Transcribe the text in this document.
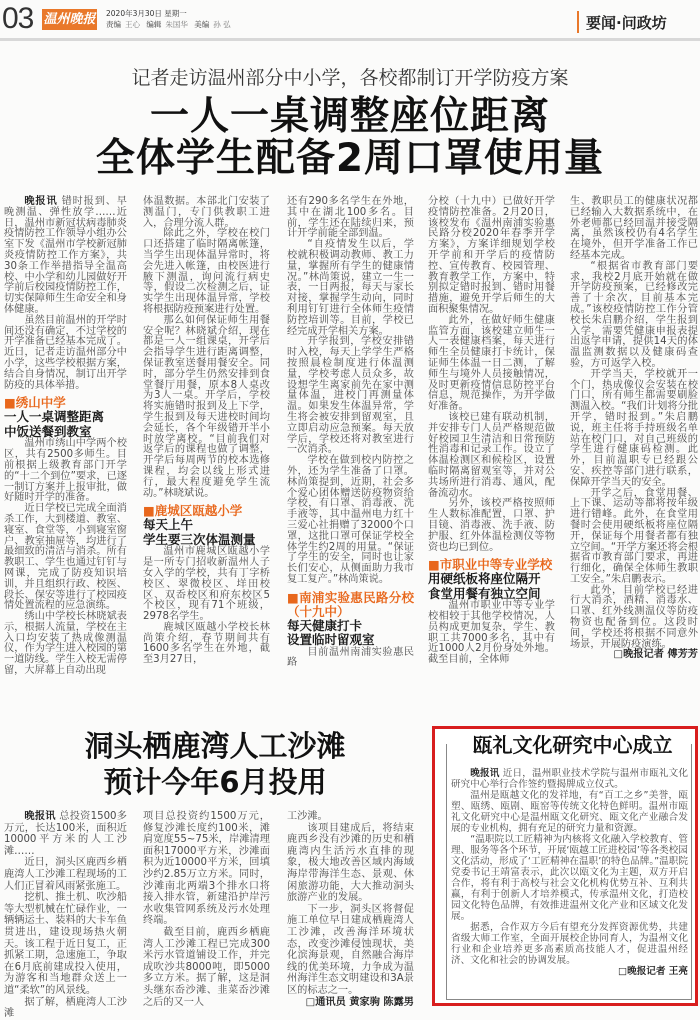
03 温州晚报 2020年3月30日 星期一
责编 王心 编辑 朱国华 美编 孙 弘	要闻·问政坊
记者走访温州部分中小学，各校都制订开学防疫方案
一人一桌调整座位距离
全体学生配备2周口罩使用量

晚报讯 错时报到、早晚测温、弹性放学……近日，温州市新冠状病毒肺炎疫情防控工作领导小组办公室下发《温州市学校新冠肺炎疫情防控工作方案》，共30条工作举措指导全温高校、中小学和幼儿园做好开学前后校园疫情防控工作，切实保障师生生命安全和身体健康。

虽然目前温州的开学时间还没有确定，不过学校的开学准备已经基本完成了。近日，记者走访温州部分中小学，这些学校根据方案，结合自身情况，制订出开学防疫的具体举措。

■绣山中学
一人一桌调整距离
中饭送餐到教室

温州市绣山中学两个校区，共有2500多师生。目前根据上级教育部门开学的“十二个到位”要求，已逐一制订方案并上报审批，做好随时开学的准备。

近日学校已完成全面消杀工作，大到楼道、教室、寝室、食堂等，小到寝室窗户、教室抽屉等，均进行了最细致的清洁与消杀。所有教职工、学生也通过钉钉与网课，完成了防疫知识培训，并且组织行政、校医、段长、保安等进行了校园疫情处置流程的应急演练。

绣山中学校长林晓斌表示，根据人流量，学校在主入口均安装了热成像测温仪，作为学生进入校园的第一道防线。学生入校无需停留，大屏幕上自动出现

体温数据。本部北门安装了测温门，专门供教职工进入，合理分流人群。

除此之外，学校在校门口还搭建了临时隔离帐篷，当学生出现体温异常时，将会先进入帐篷，由校医进行腋下测温，询问流行病史等，假设二次检测之后，证实学生出现体温异常，学校将根据防疫预案进行处置。

那么如何保证师生用餐安全呢？林晓斌介绍，现在都是一人一组课桌，开学后会指导学生进行距离调整，保证教室送餐用餐安全。同时，部分学生仍然安排到食堂餐厅用餐，原本8人桌改为3人一桌。开学后，学校将实施错时报到及上下学，学生报到及每天进校时间均会延长，各个年级错开半小时放学离校。“目前我们对返学后的课程也做了调整，开学后每周两节的校本选修课程，均会以线上形式进行，最大程度避免学生流动。”林晓斌说。

■鹿城区瓯越小学
每天上午
学生要三次体温测量

温州市鹿城区瓯越小学是一所专门招收新温州人子女入学的学校，共有丁字桥校区、翠微校区、垟田校区、双岙校区和府东校区5个校区，现有71个班级，2978名学生。

鹿城区瓯越小学校长林尚策介绍，春节期间共有1600多名学生在外地，截至3月27日，

还有290多名学生在外地，其中在湖北100多名。目前，学生还在陆续归来，预计开学前能全部到温。

“自疫情发生以后，学校就积极调动教师、教工力量，掌握所有学生的健康情况。”林尚策说，建立一生一表，一日两报，每天与家长对接，掌握学生动向，同时利用钉钉进行全体师生疫情防控培训等。目前，学校已经完成开学相关方案。

开学报到，学校安排错时入校，每天上学学生严格按照晨检制度进行体温测量，学校考虑人员众多，故设想学生离家前先在家中测量体温，进校门再测量体温。如果发生体温异常，学生将会被安排到留观室，且立即启动应急预案。每天放学后，学校还将对教室进行一次消杀。

学校在做到校内防控之外，还为学生准备了口罩。林尚策提到，近期，社会多个爱心团体赠送防疫物资给学校，有口罩、消毒液、洗手液等，其中温州电力红十三爱心社捐赠了32000个口罩，这批口罩可保证学校全体学生约2周的用量。“保证了学生的安全，同时也让家长们安心，从侧面助力我市复工复产。”林尚策说。

■南浦实验惠民路分校（十九中）
每天健康打卡
设置临时留观室

目前温州南浦实验惠民路

分校（十九中）已做好开学疫情防控准备。2月20日，该校发布《温州南浦实验惠民路分校2020年春季开学方案》，方案详细规划学校开学前和开学后的疫情防控、宣传教育、校园管理、教育教学工作，方案中，特别拟定错时报到、错时用餐措施，避免开学后师生的大面积聚集情况。

此外，在做好师生健康监管方面，该校建立师生一人一表健康档案，每天进行师生全员健康打卡统计，保证师生体温一日二测，了解师生与境外人员接触情况，及时更新疫情信息防控平台信息，规范操作，为开学做好准备。

该校已建有联动机制，并安排专门人员严格规范做好校园卫生清洁和日常预防性消毒和记录工作。设立了体温检测区和候检区，设置临时隔离留观室等，并对公共场所进行消毒、通风，配备流动水。

另外，该校严格按照师生人数标准配置，口罩、护目镜、消毒液、洗手液、防护服、红外体温检测仪等物资也均已到位。

■市职业中等专业学校
用硬纸板将座位隔开
食堂用餐有独立空间

温州市职业中等专业学校相较于其他学校情况，人员构成更加复杂，学生、教职工共7000多名，其中有近1000人2月份身处外地。截至目前，全体师

生、教职员工的健康状况都已经输入大数据系统中，在外老师都已经回温并接受隔离，虽然该校仍有4名学生在境外，但开学准备工作已经基本完成。

“根据省市教育部门要求，我校2月底开始就在做开学防疫预案，已经修改完善了十余次，目前基本完成。”该校疫情防控工作分管校长朱启鹏介绍，学生报到入学，需要凭健康申报表提出返学申请，提供14天的体温监测数据以及健康码查验，方可返学入校。

开学当天，学校就开一个门，热成像仪会安装在校门口，所有师生都需要刷脸测温入校。“我们计划将分批开学，错时报到。”朱启鹏说，班主任将手持班级名单站在校门口，对自己班级的学生进行健康码检测。此外，目前温职专已经跟公安、疾控等部门进行联系，保障开学当天的安全。

开学之后，食堂用餐、上下课、运动等都将按年级进行错峰。此外，在食堂用餐时会使用硬纸板将座位隔开，保证每个用餐者都有独立空间。“开学方案还将会根据省市教育部门要求，再进行细化，确保全体师生教职工安全。”朱启鹏表示。

此外，目前学校已经进行大消杀，酒精、消毒水、口罩、红外线测温仪等防疫物资也配备到位。这段时间，学校还将根据不同意外场景，开展防疫演练。

□晚报记者 傅芳芳

洞头栖鹿湾人工沙滩
预计今年6月投用

晚报讯 总投资1500多万元，长达100米，面积近10000平方米的人工沙滩……

近日，洞头区鹿西乡栖鹿湾人工沙滩工程现场的工人们正冒着风雨紧张施工。

挖机、推土机、吹沙船等大型机械在忙碌作业，一辆辆运土、装料的大卡车鱼贯进出，建设现场热火朝天。该工程于近日复工，正抓紧工期，急速施工，争取在6月底前建成投入使用，为游客和当地群众送上一道“柔软”的风景线。

据了解，栖鹿湾人工沙滩

项目总投资约1500万元，修复沙滩长度约100米，滩肩宽度55~75米，岸滩清理面积17000平方米，沙滩面积为近10000平方米，回填沙约2.85万立方米。同时，沙滩南北两端3个排水口将接入排水管，新建沿护岸污水收集管网系统及污水处理终端。

截至目前，鹿西乡栖鹿湾人工沙滩工程已完成300米污水管道铺设工作，并完成吹沙共8000吨，即5000多立方米。据了解，这是洞头继东岙沙滩、韭菜岙沙滩之后的又一人

工沙滩。

该项目建成后，将结束鹿西乡没有沙滩的历史和栖鹿湾内生活污水直排的现象，极大地改善区域内海域海岸带海洋生态、景观、休闲旅游功能，大大推动洞头旅游产业的发展。

下一步，洞头区将督促施工单位早日建成栖鹿湾人工沙滩，改善海洋环境状态，改变沙滩侵蚀现状，美化滨海景观，自然融合海岸线的优美环境，力争成为温州海洋生态文明建设和3A景区的标志之一。

□通讯员 黄家驹 陈露男

瓯礼文化研究中心成立

晚报讯 近日，温州职业技术学院与温州市瓯礼文化研究中心举行合作签约暨揭牌成立仪式。

温州是瓯越文化的发祥地，有“百工之乡”美誉，瓯塑、瓯绣、瓯剧、瓯窑等传统文化特色鲜明。温州市瓯礼文化研究中心是温州瓯文化研究、瓯文化产业融合发展的专业机构，拥有充足的研究力量和资源。

“温职院以工匠精神为内核将文化融入学校教育、管理、服务等各个环节，开展‘瓯越工匠进校园’等各类校园文化活动，形成了‘工匠精神在温职’的特色品牌。”温职院党委书记王靖富表示，此次以瓯文化为主题，双方开启合作，将有利于高校与社会文化机构优势互补、互利共赢，有利于创新人才培养模式，传承温州文化，打造校园文化特色品牌，有效推进温州文化产业和区域文化发展。

据悉，合作双方今后有望充分发挥资源优势，共建省级大师工作室，全面开展校企协同育人，为温州文化行业和企业培养更多高素质高技能人才，促进温州经济、文化和社会的协调发展。

□晚报记者 王亮
